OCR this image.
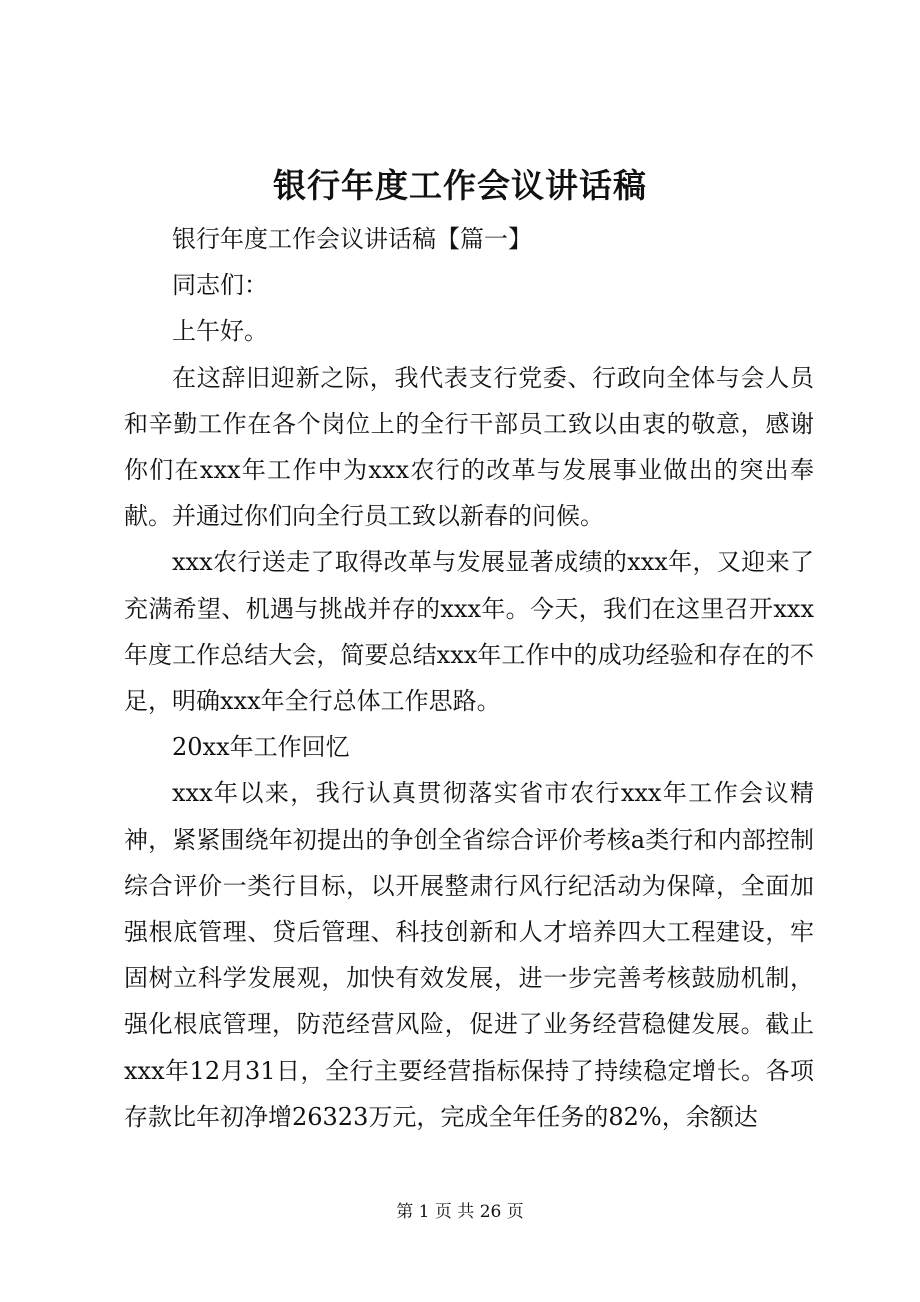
银行年度工作会议讲话稿

银行年度工作会议讲话稿【篇一】

同志们：

上午好。

在这辞旧迎新之际，我代表支行党委、行政向全体与会人员和辛勤工作在各个岗位上的全行干部员工致以由衷的敬意，感谢你们在xxx年工作中为xxx农行的改革与发展事业做出的突出奉献。并通过你们向全行员工致以新春的问候。

xxx农行送走了取得改革与发展显著成绩的xxx年，又迎来了充满希望、机遇与挑战并存的xxx年。今天，我们在这里召开xxx年度工作总结大会，简要总结xxx年工作中的成功经验和存在的不足，明确xxx年全行总体工作思路。

20xx年工作回忆

xxx年以来，我行认真贯彻落实省市农行xxx年工作会议精神，紧紧围绕年初提出的争创全省综合评价考核a类行和内部控制综合评价一类行目标，以开展整肃行风行纪活动为保障，全面加强根底管理、贷后管理、科技创新和人才培养四大工程建设，牢固树立科学发展观，加快有效发展，进一步完善考核鼓励机制，强化根底管理，防范经营风险，促进了业务经营稳健发展。截止xxx年12月31日，全行主要经营指标保持了持续稳定增长。各项存款比年初净增26323万元，完成全年任务的82%，余额达

第 1 页 共 26 页
